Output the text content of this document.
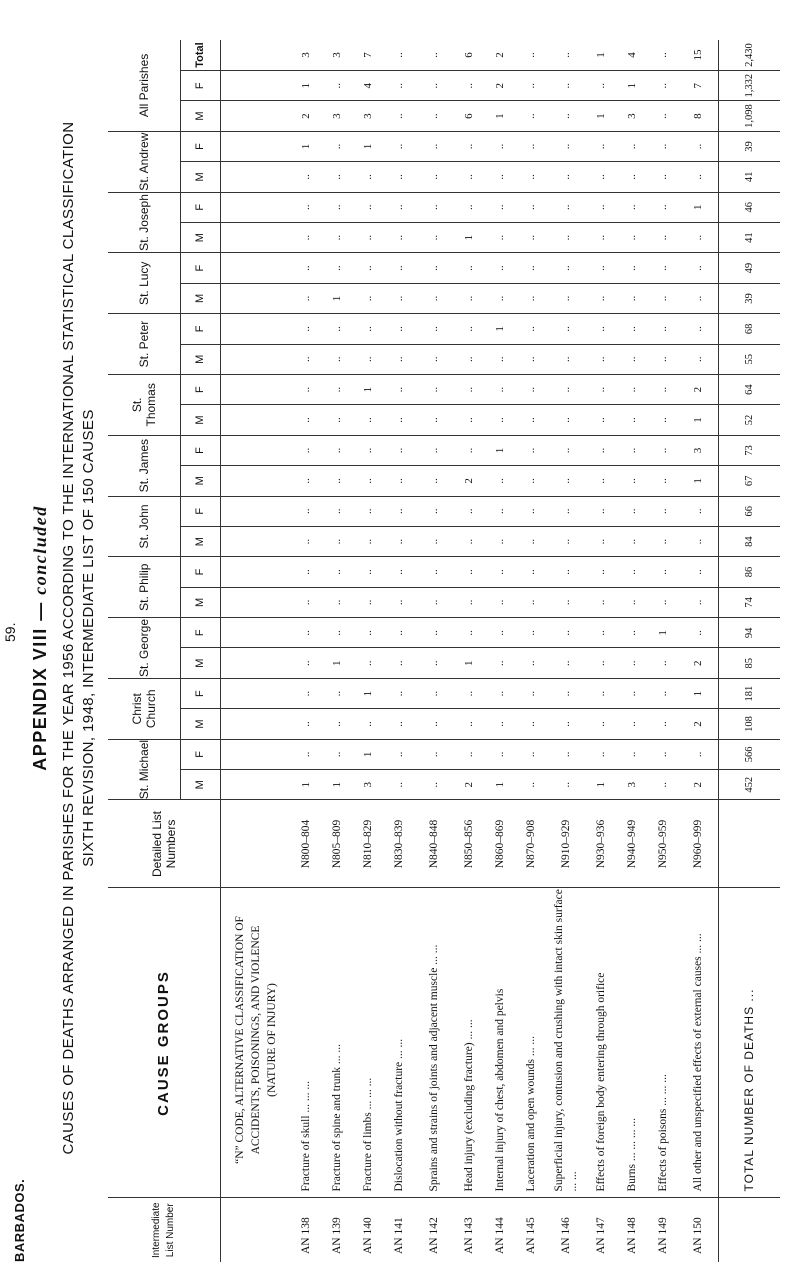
BARBADOS.
59. APPENDIX VIII — concluded CAUSES OF DEATHS ARRANGED IN PARISHES FOR THE YEAR 1956 ACCORDING TO THE INTERNATIONAL STATISTICAL CLASSIFICATION SIXTH REVISION, 1948, INTERMEDIATE LIST OF 150 CAUSES
Intermediate List Number	CAUSE GROUPS	Detailed List Numbers	St. Michael		Christ Church		St. George		St. Philip		St. John		St. James		St. Thomas		St. Peter		St. Lucy		St. Joseph		St. Andrew		All Parishes		
			M	F	M	F	M	F	M	F	M	F	M	F	M	F	M	F	M	F	M	F	M	F	M	F	Total

	“N” CODE, ALTERNATIVE CLASSIFICATION OF ACCIDENTS, POISONINGS, AND VIOLENCE (NATURE OF INJURY)																										

AN 138	Fracture of skull ... ... ...	N800–804	1	..	..	..	..	..	..	..	..	..	..	..	..	..	..	..	..	..	..	..	..	1	2	1	3
AN 139	Fracture of spine and trunk ... ...	N805–809	1	..	..	..	1	..	..	..	..	..	..	..	..	..	..	..	1	..	..	..	..	..	3	..	3
AN 140	Fracture of limbs ... ... ...	N810–829	3	1	..	1	..	..	..	..	..	..	..	..	..	1	..	..	..	..	..	..	..	1	3	4	7
AN 141	Dislocation without fracture ... ...	N830–839	..	..	..	..	..	..	..	..	..	..	..	..	..	..	..	..	..	..	..	..	..	..	..	..	..
AN 142	Sprains and strains of joints and adjacent muscle ... ...	N840–848	..	..	..	..	..	..	..	..	..	..	..	..	..	..	..	..	..	..	..	..	..	..	..	..	..
AN 143	Head injury (excluding fracture) ... ...	N850–856	2	..	..	..	1	..	..	..	..	..	2	..	..	..	..	..	..	..	1	..	..	..	6	..	6
AN 144	Internal injury of chest, abdomen and pelvis	N860–869	1	..	..	..	..	..	..	..	..	..	..	1	..	..	..	1	..	..	..	..	..	..	1	2	2
AN 145	Laceration and open wounds ... ...	N870–908	..	..	..	..	..	..	..	..	..	..	..	..	..	..	..	..	..	..	..	..	..	..	..	..	..
AN 146	Superficial injury, contusion and crushing with intact skin surface ... ...	N910–929	..	..	..	..	..	..	..	..	..	..	..	..	..	..	..	..	..	..	..	..	..	..	..	..	..
AN 147	Effects of foreign body entering through orifice	N930–936	1	..	..	..	..	..	..	..	..	..	..	..	..	..	..	..	..	..	..	..	..	..	1	..	1
AN 148	Burns ... ... ... ...	N940–949	3	..	..	..	..	..	..	..	..	..	..	..	..	..	..	..	..	..	..	..	..	..	3	1	4
AN 149	Effects of poisons ... ... ...	N950–959	..	..	..	..	..	1	..	..	..	..	..	..	..	..	..	..	..	..	..	..	..	..	..	..	..
AN 150	All other and unspecified effects of external causes ... ...	N960–999	2	..	2	1	2	..	..	..	..	..	1	3	1	2	..	..	..	..	..	1	..	..	8	7	15
	TOTAL NUMBER OF DEATHS ...		452	566	108	181	85	94	74	86	84	66	67	73	52	64	55	68	39	49	41	46	41	39	1,098	1,332	2,430
